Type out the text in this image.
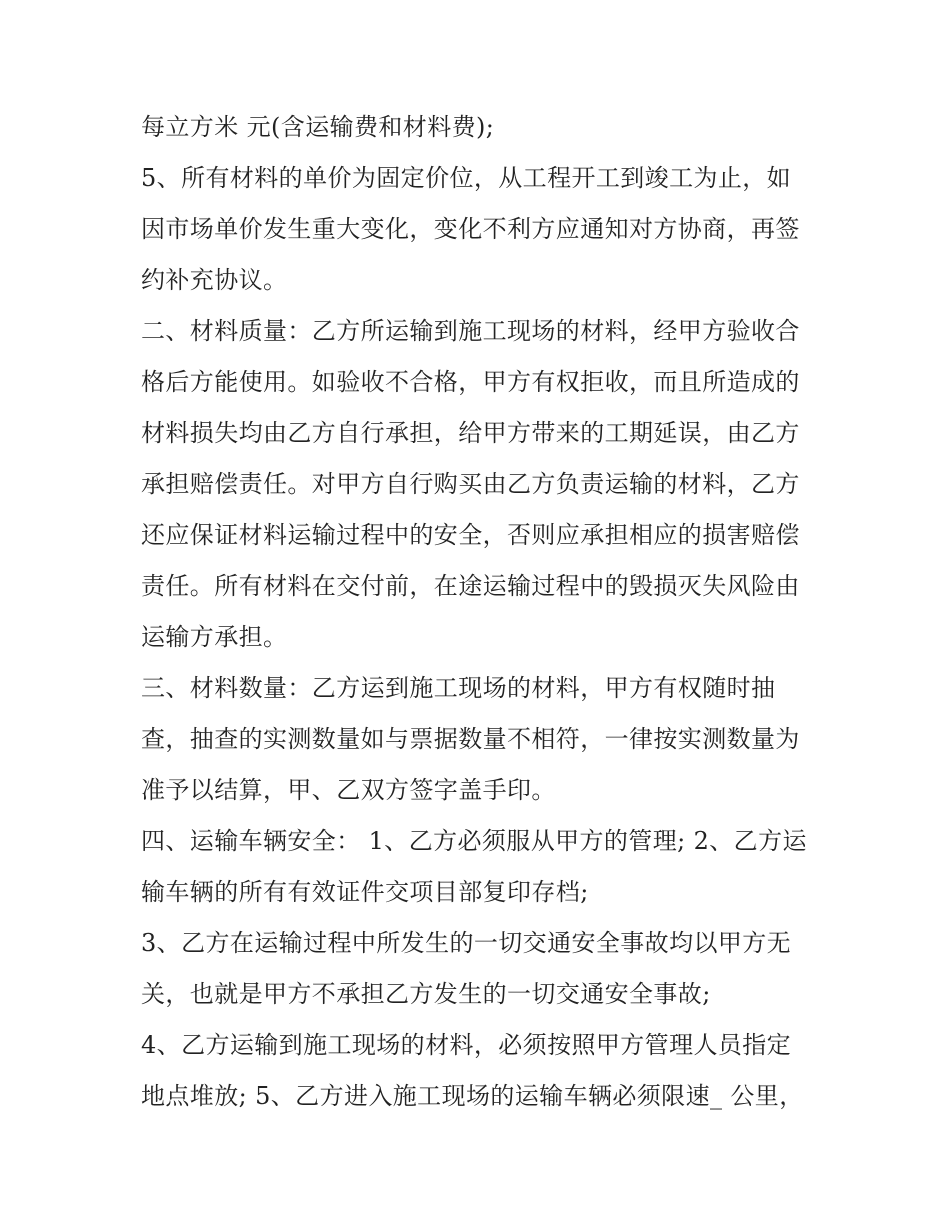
每立方米 元(含运输费和材料费);
5、所有材料的单价为固定价位，从工程开工到竣工为止，如
因市场单价发生重大变化，变化不利方应通知对方协商，再签
约补充协议。
二、材料质量：乙方所运输到施工现场的材料，经甲方验收合
格后方能使用。如验收不合格，甲方有权拒收，而且所造成的
材料损失均由乙方自行承担，给甲方带来的工期延误，由乙方
承担赔偿责任。对甲方自行购买由乙方负责运输的材料，乙方
还应保证材料运输过程中的安全，否则应承担相应的损害赔偿
责任。所有材料在交付前，在途运输过程中的毁损灭失风险由
运输方承担。
三、材料数量：乙方运到施工现场的材料，甲方有权随时抽
查，抽查的实测数量如与票据数量不相符，一律按实测数量为
准予以结算，甲、乙双方签字盖手印。
四、运输车辆安全： 1、乙方必须服从甲方的管理; 2、乙方运
输车辆的所有有效证件交项目部复印存档;
3、乙方在运输过程中所发生的一切交通安全事故均以甲方无
关，也就是甲方不承担乙方发生的一切交通安全事故;
4、乙方运输到施工现场的材料，必须按照甲方管理人员指定
地点堆放; 5、乙方进入施工现场的运输车辆必须限速_ 公里，
